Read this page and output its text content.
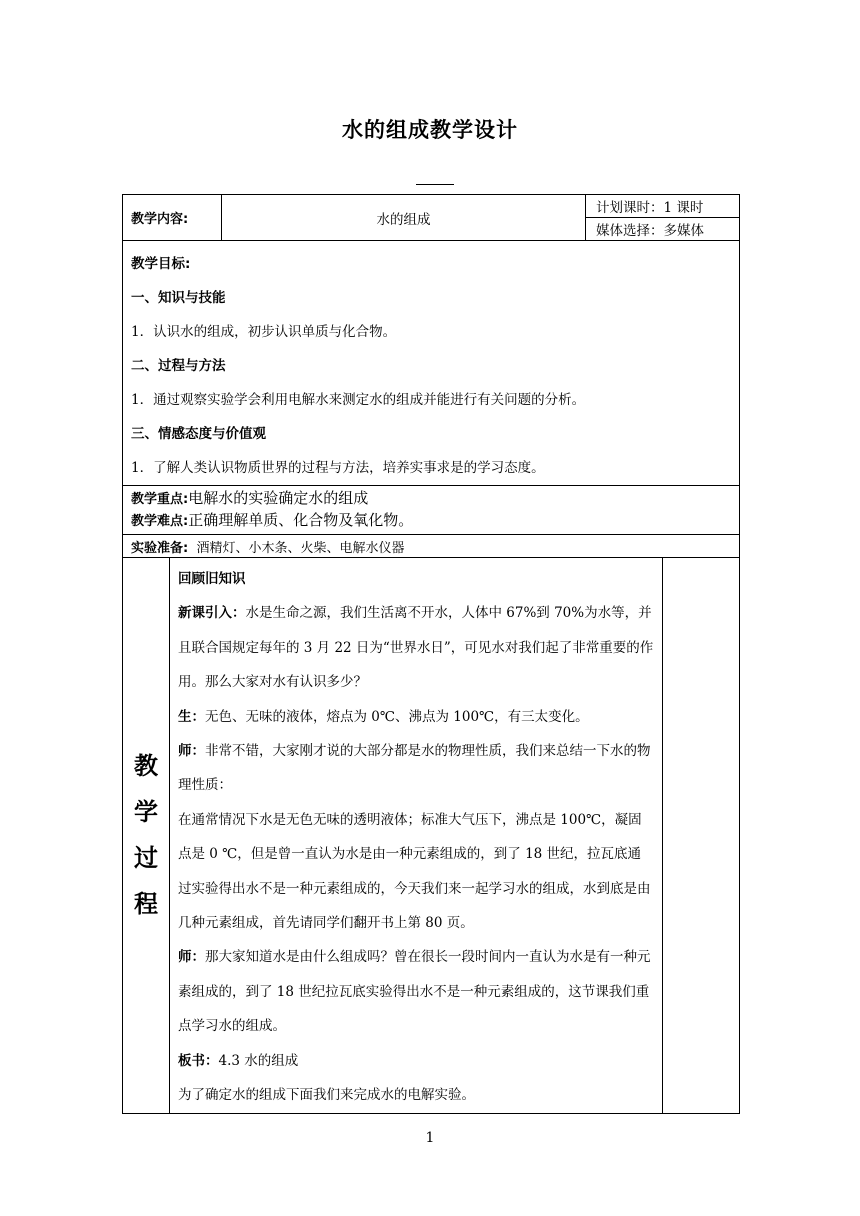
水的组成教学设计
教学内容:	水的组成	
计划课时：1 课时
媒体选择：多媒体

教学目标:

一、知识与技能

1．认识水的组成，初步认识单质与化合物。

二、过程与方法

1．通过观察实验学会利用电解水来测定水的组成并能进行有关问题的分析。

三、情感态度与价值观

1．了解人类认识物质世界的过程与方法，培养实事求是的学习态度。

教学重点:电解水的实验确定水的组成
教学难点:正确理解单质、化合物及氧化物。

实验准备: 酒精灯、小木条、火柴、电解水仪器

教
学
过
程

回顾旧知识

新课引入：水是生命之源，我们生活离不开水，人体中 67%到 70%为水等，并且联合国规定每年的 3 月 22 日为“世界水日”，可见水对我们起了非常重要的作用。那么大家对水有认识多少？

生：无色、无味的液体，熔点为 0℃、沸点为 100℃，有三太变化。

师：非常不错，大家刚才说的大部分都是水的物理性质，我们来总结一下水的物理性质：

在通常情况下水是无色无味的透明液体；标准大气压下，沸点是 100℃，凝固点是 0 ℃，但是曾一直认为水是由一种元素组成的，到了 18 世纪，拉瓦底通过实验得出水不是一种元素组成的，今天我们来一起学习水的组成，水到底是由几种元素组成，首先请同学们翻开书上第 80 页。

师：那大家知道水是由什么组成吗？曾在很长一段时间内一直认为水是有一种元素组成的，到了 18 世纪拉瓦底实验得出水不是一种元素组成的，这节课我们重点学习水的组成。

板书：4.3 水的组成

为了确定水的组成下面我们来完成水的电解实验。

1
